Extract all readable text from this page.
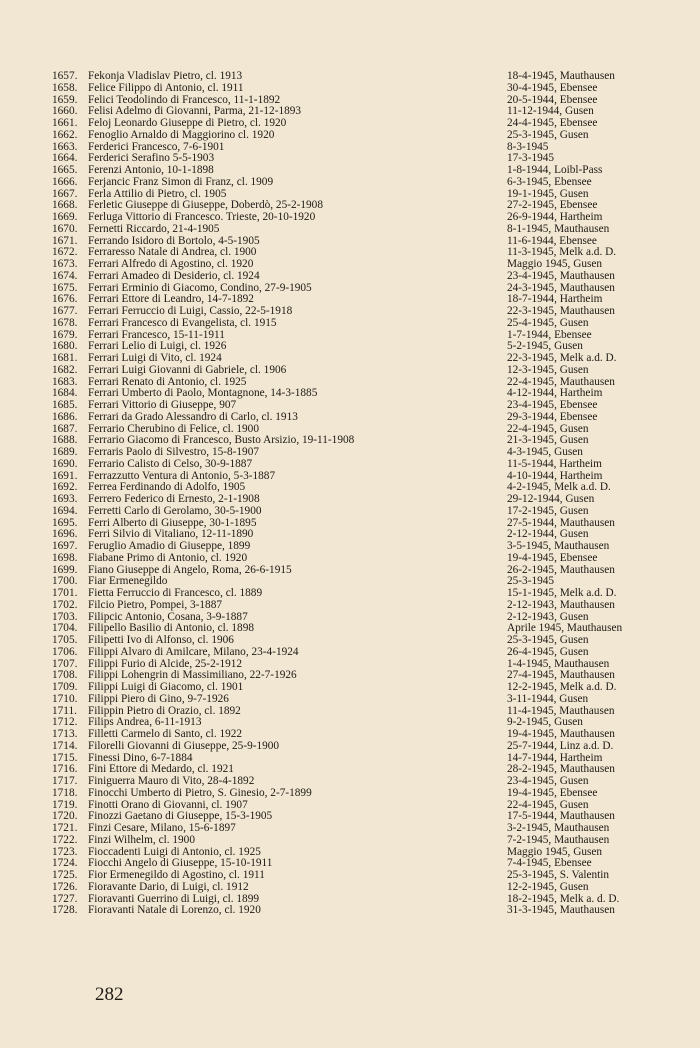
1657. Fekonja Vladislav Pietro, cl. 1913	18-4-1945, Mauthausen
1658. Felice Filippo di Antonio, cl. 1911	30-4-1945, Ebensee
1659. Felici Teodolindo di Francesco, 11-1-1892	20-5-1944, Ebensee
1660. Felisi Adelmo di Giovanni, Parma, 21-12-1893	11-12-1944, Gusen
1661. Feloj Leonardo Giuseppe di Pietro, cl. 1920	24-4-1945, Ebensee
1662. Fenoglio Arnaldo di Maggiorino cl. 1920	25-3-1945, Gusen
1663. Ferderici Francesco, 7-6-1901	8-3-1945
1664. Ferderici Serafino 5-5-1903	17-3-1945
1665. Ferenzi Antonio, 10-1-1898	1-8-1944, Loibl-Pass
1666. Ferjancic Franz Simon di Franz, cl. 1909	6-3-1945, Ebensee
1667. Ferla Attilio di Pietro, cl. 1905	19-1-1945, Gusen
1668. Ferletic Giuseppe di Giuseppe, Doberdò, 25-2-1908	27-2-1945, Ebensee
1669. Ferluga Vittorio di Francesco. Trieste, 20-10-1920	26-9-1944, Hartheim
1670. Fernetti Riccardo, 21-4-1905	8-1-1945, Mauthausen
1671. Ferrando Isidoro di Bortolo, 4-5-1905	11-6-1944, Ebensee
1672. Ferraresso Natale di Andrea, cl. 1900	11-3-1945, Melk a.d. D.
1673. Ferrari Alfredo di Agostino, cl. 1920	Maggio 1945, Gusen
1674. Ferrari Amadeo di Desiderio, cl. 1924	23-4-1945, Mauthausen
1675. Ferrari Erminio di Giacomo, Condino, 27-9-1905	24-3-1945, Mauthausen
1676. Ferrari Ettore di Leandro, 14-7-1892	18-7-1944, Hartheim
1677. Ferrari Ferruccio di Luigi, Cassio, 22-5-1918	22-3-1945, Mauthausen
1678. Ferrari Francesco di Evangelista, cl. 1915	25-4-1945, Gusen
1679. Ferrari Francesco, 15-11-1911	1-7-1944, Ebensee
1680. Ferrari Lelio di Luigi, cl. 1926	5-2-1945, Gusen
1681. Ferrari Luigi di Vito, cl. 1924	22-3-1945, Melk a.d. D.
1682. Ferrari Luigi Giovanni di Gabriele, cl. 1906	12-3-1945, Gusen
1683. Ferrari Renato di Antonio, cl. 1925	22-4-1945, Mauthausen
1684. Ferrari Umberto di Paolo, Montagnone, 14-3-1885	4-12-1944, Hartheim
1685. Ferrari Vittorio di Giuseppe, 907	23-4-1945, Ebensee
1686. Ferrari da Grado Alessandro di Carlo, cl. 1913	29-3-1944, Ebensee
1687. Ferrario Cherubino di Felice, cl. 1900	22-4-1945, Gusen
1688. Ferrario Giacomo di Francesco, Busto Arsizio, 19-11-1908	21-3-1945, Gusen
1689. Ferraris Paolo di Silvestro, 15-8-1907	4-3-1945, Gusen
1690. Ferrario Calisto di Celso, 30-9-1887	11-5-1944, Hartheim
1691. Ferrazzutto Ventura di Antonio, 5-3-1887	4-10-1944, Hartheim
1692. Ferrea Ferdinando di Adolfo, 1905	4-2-1945, Melk a.d. D.
1693. Ferrero Federico di Ernesto, 2-1-1908	29-12-1944, Gusen
1694. Ferretti Carlo di Gerolamo, 30-5-1900	17-2-1945, Gusen
1695. Ferri Alberto di Giuseppe, 30-1-1895	27-5-1944, Mauthausen
1696. Ferri Silvio di Vitaliano, 12-11-1890	2-12-1944, Gusen
1697. Feruglio Amadio di Giuseppe, 1899	3-5-1945, Mauthausen
1698. Fiabane Primo di Antonio, cl. 1920	19-4-1945, Ebensee
1699. Fiano Giuseppe di Angelo, Roma, 26-6-1915	26-2-1945, Mauthausen
1700. Fiar Ermenegildo	25-3-1945
1701. Fietta Ferruccio di Francesco, cl. 1889	15-1-1945, Melk a.d. D.
1702. Filcio Pietro, Pompei, 3-1887	2-12-1943, Mauthausen
1703. Filipcic Antonio, Cosana, 3-9-1887	2-12-1943, Gusen
1704. Filipello Basilio di Antonio, cl. 1898	Aprile 1945, Mauthausen
1705. Filipetti Ivo di Alfonso, cl. 1906	25-3-1945, Gusen
1706. Filippi Alvaro di Amilcare, Milano, 23-4-1924	26-4-1945, Gusen
1707. Filippi Furio di Alcide, 25-2-1912	1-4-1945, Mauthausen
1708. Filippi Lohengrin di Massimiliano, 22-7-1926	27-4-1945, Mauthausen
1709. Filippi Luigi di Giacomo, cl. 1901	12-2-1945, Melk a.d. D.
1710. Filippi Piero di Gino, 9-7-1926	3-11-1944, Gusen
1711. Filippin Pietro di Orazio, cl. 1892	11-4-1945, Mauthausen
1712. Filips Andrea, 6-11-1913	9-2-1945, Gusen
1713. Filletti Carmelo di Santo, cl. 1922	19-4-1945, Mauthausen
1714. Filorelli Giovanni di Giuseppe, 25-9-1900	25-7-1944, Linz a.d. D.
1715. Finessi Dino, 6-7-1884	14-7-1944, Hartheim
1716. Fini Ettore di Medardo, cl. 1921	28-2-1945, Mauthausen
1717. Finiguerra Mauro di Vito, 28-4-1892	23-4-1945, Gusen
1718. Finocchi Umberto di Pietro, S. Ginesio, 2-7-1899	19-4-1945, Ebensee
1719. Finotti Orano di Giovanni, cl. 1907	22-4-1945, Gusen
1720. Finozzi Gaetano di Giuseppe, 15-3-1905	17-5-1944, Mauthausen
1721. Finzi Cesare, Milano, 15-6-1897	3-2-1945, Mauthausen
1722. Finzi Wilhelm, cl. 1900	7-2-1945, Mauthausen
1723. Fioccadenti Luigi di Antonio, cl. 1925	Maggio 1945, Gusen
1724. Fiocchi Angelo di Giuseppe, 15-10-1911	7-4-1945, Ebensee
1725. Fior Ermenegildo di Agostino, cl. 1911	25-3-1945, S. Valentin
1726. Fioravante Dario, di Luigi, cl. 1912	12-2-1945, Gusen
1727. Fioravanti Guerrino di Luigi, cl. 1899	18-2-1945, Melk a. d. D.
1728. Fioravanti Natale di Lorenzo, cl. 1920	31-3-1945, Mauthausen
282
